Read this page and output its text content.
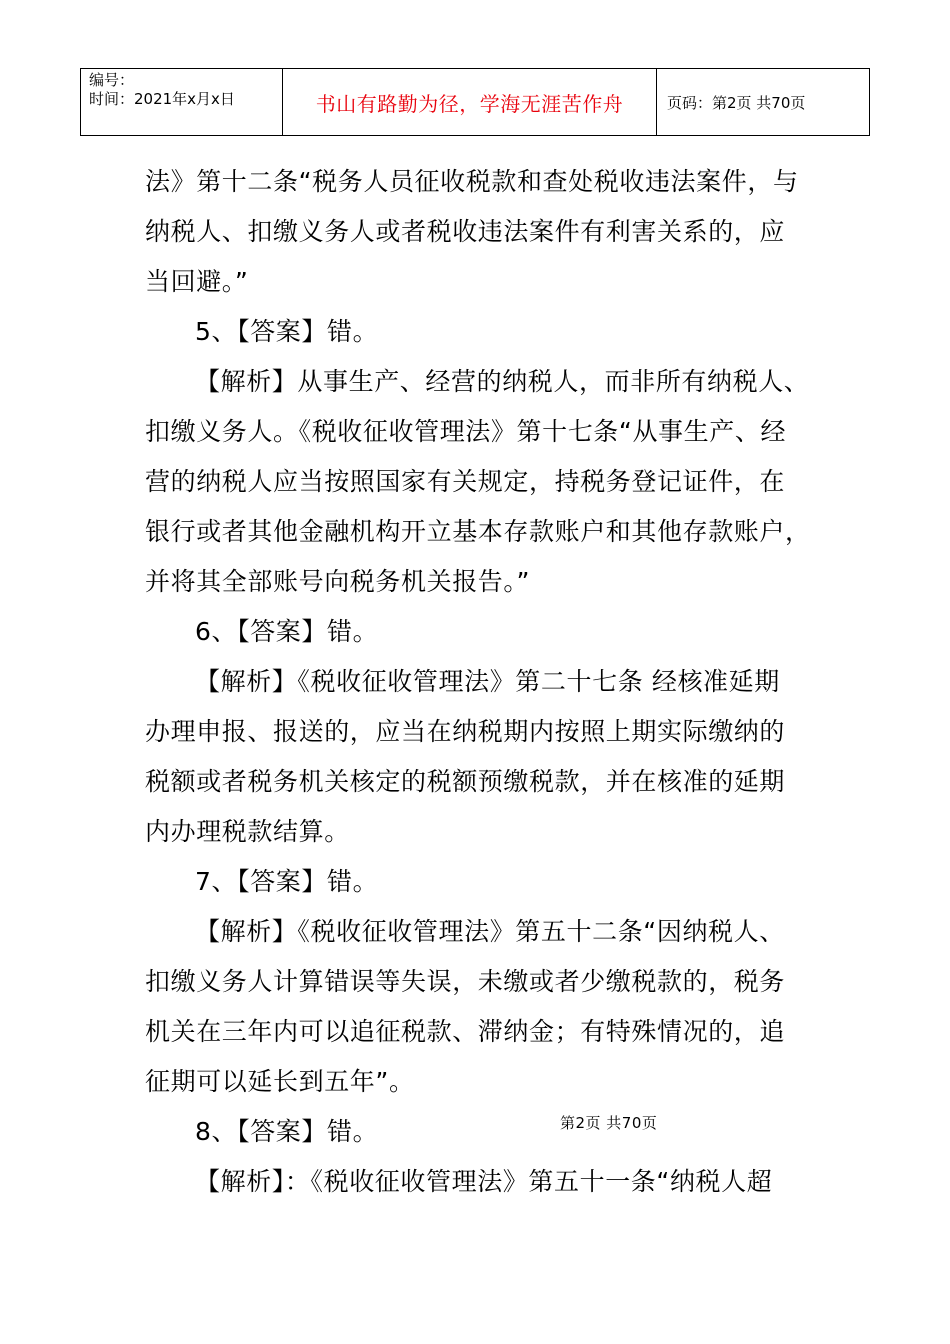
编号：
时间：2021年x月x日	书山有路勤为径，学海无涯苦作舟	页码：第2页 共70页

法》第十二条“税务人员征收税款和查处税收违法案件，与

纳税人、扣缴义务人或者税收违法案件有利害关系的，应

当回避。”

5、【答案】错。

【解析】从事生产、经营的纳税人，而非所有纳税人、

扣缴义务人。《税收征收管理法》第十七条“从事生产、经

营的纳税人应当按照国家有关规定，持税务登记证件，在

银行或者其他金融机构开立基本存款账户和其他存款账户，

并将其全部账号向税务机关报告。”

6、【答案】错。

【解析】《税收征收管理法》第二十七条 经核准延期

办理申报、报送的，应当在纳税期内按照上期实际缴纳的

税额或者税务机关核定的税额预缴税款，并在核准的延期

内办理税款结算。

7、【答案】错。

【解析】《税收征收管理法》第五十二条“因纳税人、

扣缴义务人计算错误等失误，未缴或者少缴税款的，税务

机关在三年内可以追征税款、滞纳金；有特殊情况的，追

征期可以延长到五年”。

8、【答案】错。

【解析】：《税收征收管理法》第五十一条“纳税人超

第2页 共70页
